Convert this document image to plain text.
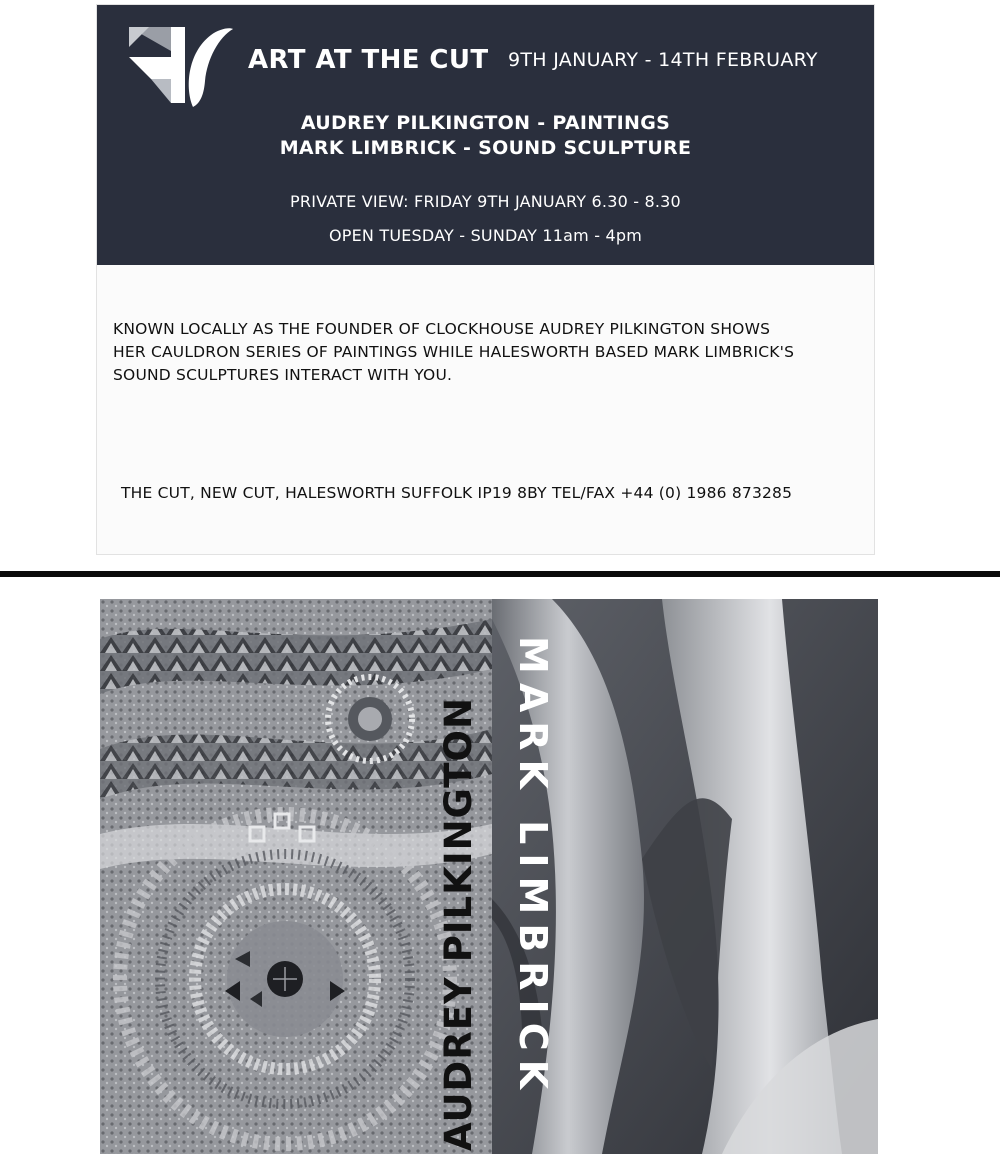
ART AT THE CUT 9TH JANUARY - 14TH FEBRUARY
AUDREY PILKINGTON - PAINTINGS
MARK LIMBRICK - SOUND SCULPTURE
PRIVATE VIEW: FRIDAY 9TH JANUARY 6.30 - 8.30
OPEN TUESDAY - SUNDAY 11am - 4pm
KNOWN LOCALLY AS THE FOUNDER OF CLOCKHOUSE AUDREY PILKINGTON SHOWS
HER CAULDRON SERIES OF PAINTINGS WHILE HALESWORTH BASED MARK LIMBRICK'S
SOUND SCULPTURES INTERACT WITH YOU.
THE CUT, NEW CUT, HALESWORTH SUFFOLK IP19 8BY TEL/FAX +44 (0) 1986 873285
AUDREY PILKINGTON MARK LIMBRICK
